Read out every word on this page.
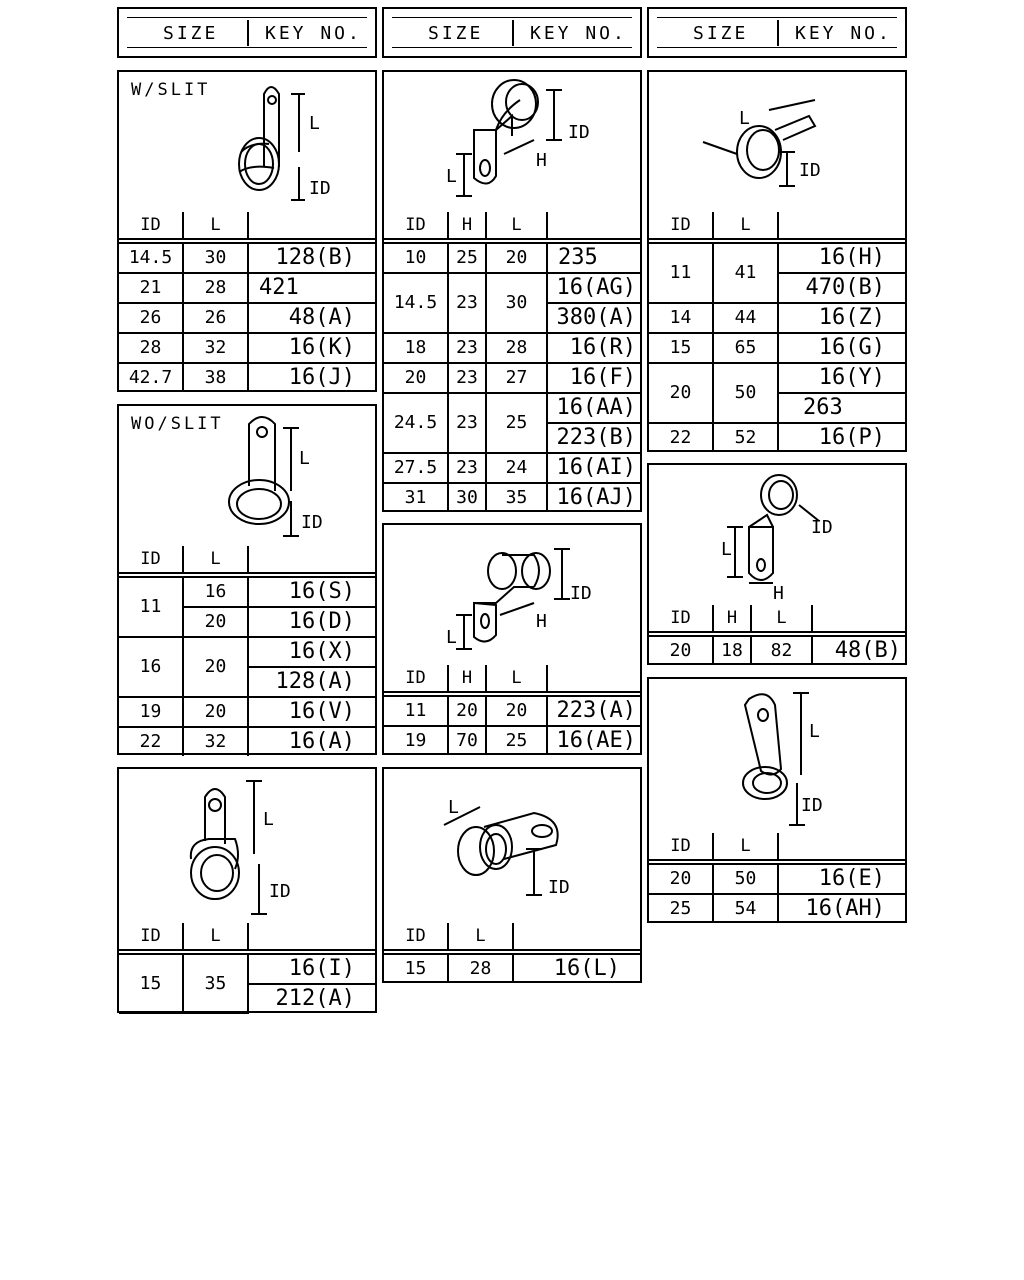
SIZE	KEY NO.	SIZE	KEY NO.	SIZE	KEY NO.
W/SLIT
L
ID
ID	L	
14.5	30	128(B)
21	28	421
26	26	48(A)
28	32	16(K)
42.7	38	16(J)
WO/SLIT
L
ID
ID	L	
11	16	16(S)
	20	16(D)
16	20	16(X)
		128(A)
19	20	16(V)
22	32	16(A)
L
ID
ID	L	
15	35	16(I)
		212(A)
ID
H
L
ID	H	L	
10	25	20	235
14.5	23	30	16(AG)
			380(A)
18	23	28	16(R)
20	23	27	16(F)
24.5	23	25	16(AA)
			223(B)
27.5	23	24	16(AI)
31	30	35	16(AJ)
ID
H
L
ID	H	L	
11	20	20	223(A)
19	70	25	16(AE)
L
ID
ID	L	
15	28	16(L)
L
ID
ID	L	
11	41	16(H)
		470(B)
14	44	16(Z)
15	65	16(G)
20	50	16(Y)
		263
22	52	16(P)
ID
L
H
ID	H	L	
20	18	82	48(B)
L
ID
ID	L	
20	50	16(E)
25	54	16(AH)
